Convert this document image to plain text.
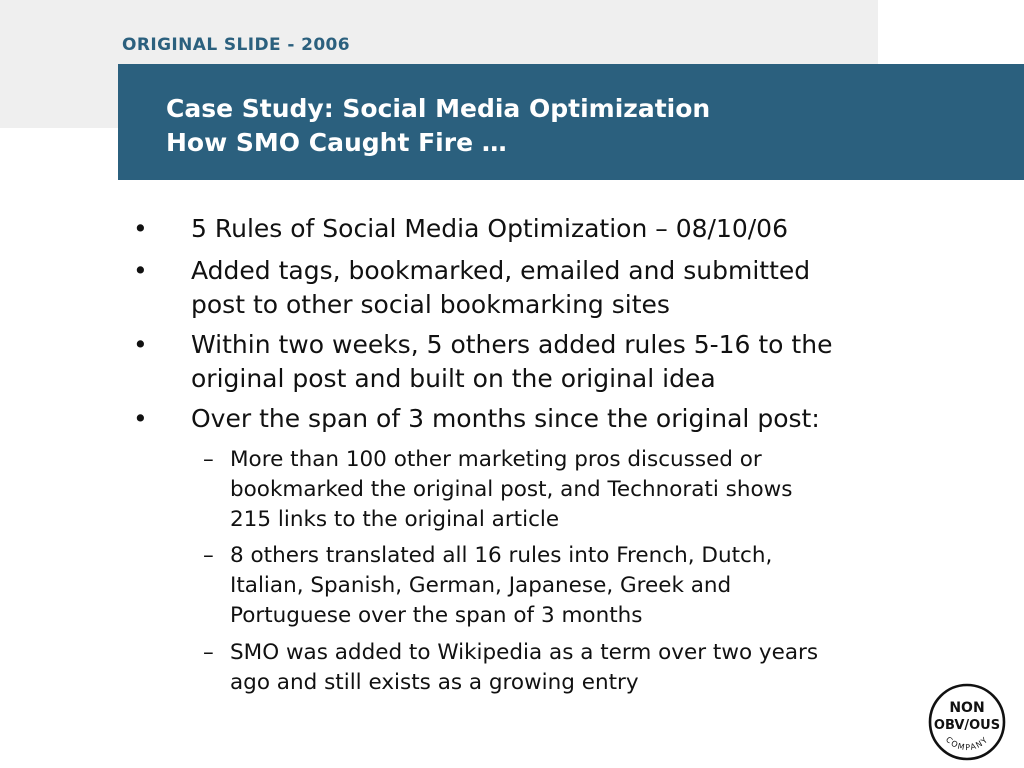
ORIGINAL SLIDE - 2006
Case Study: Social Media Optimization
How SMO Caught Fire …
• 5 Rules of Social Media Optimization – 08/10/06
• Added tags, bookmarked, emailed and submitted
post to other social bookmarking sites
• Within two weeks, 5 others added rules 5-16 to the
original post and built on the original idea
• Over the span of 3 months since the original post:
– More than 100 other marketing pros discussed or
bookmarked the original post, and Technorati shows
215 links to the original article
– 8 others translated all 16 rules into French, Dutch,
Italian, Spanish, German, Japanese, Greek and
Portuguese over the span of 3 months
– SMO was added to Wikipedia as a term over two years
ago and still exists as a growing entry
NON
OBV/OUS
COMPANY
